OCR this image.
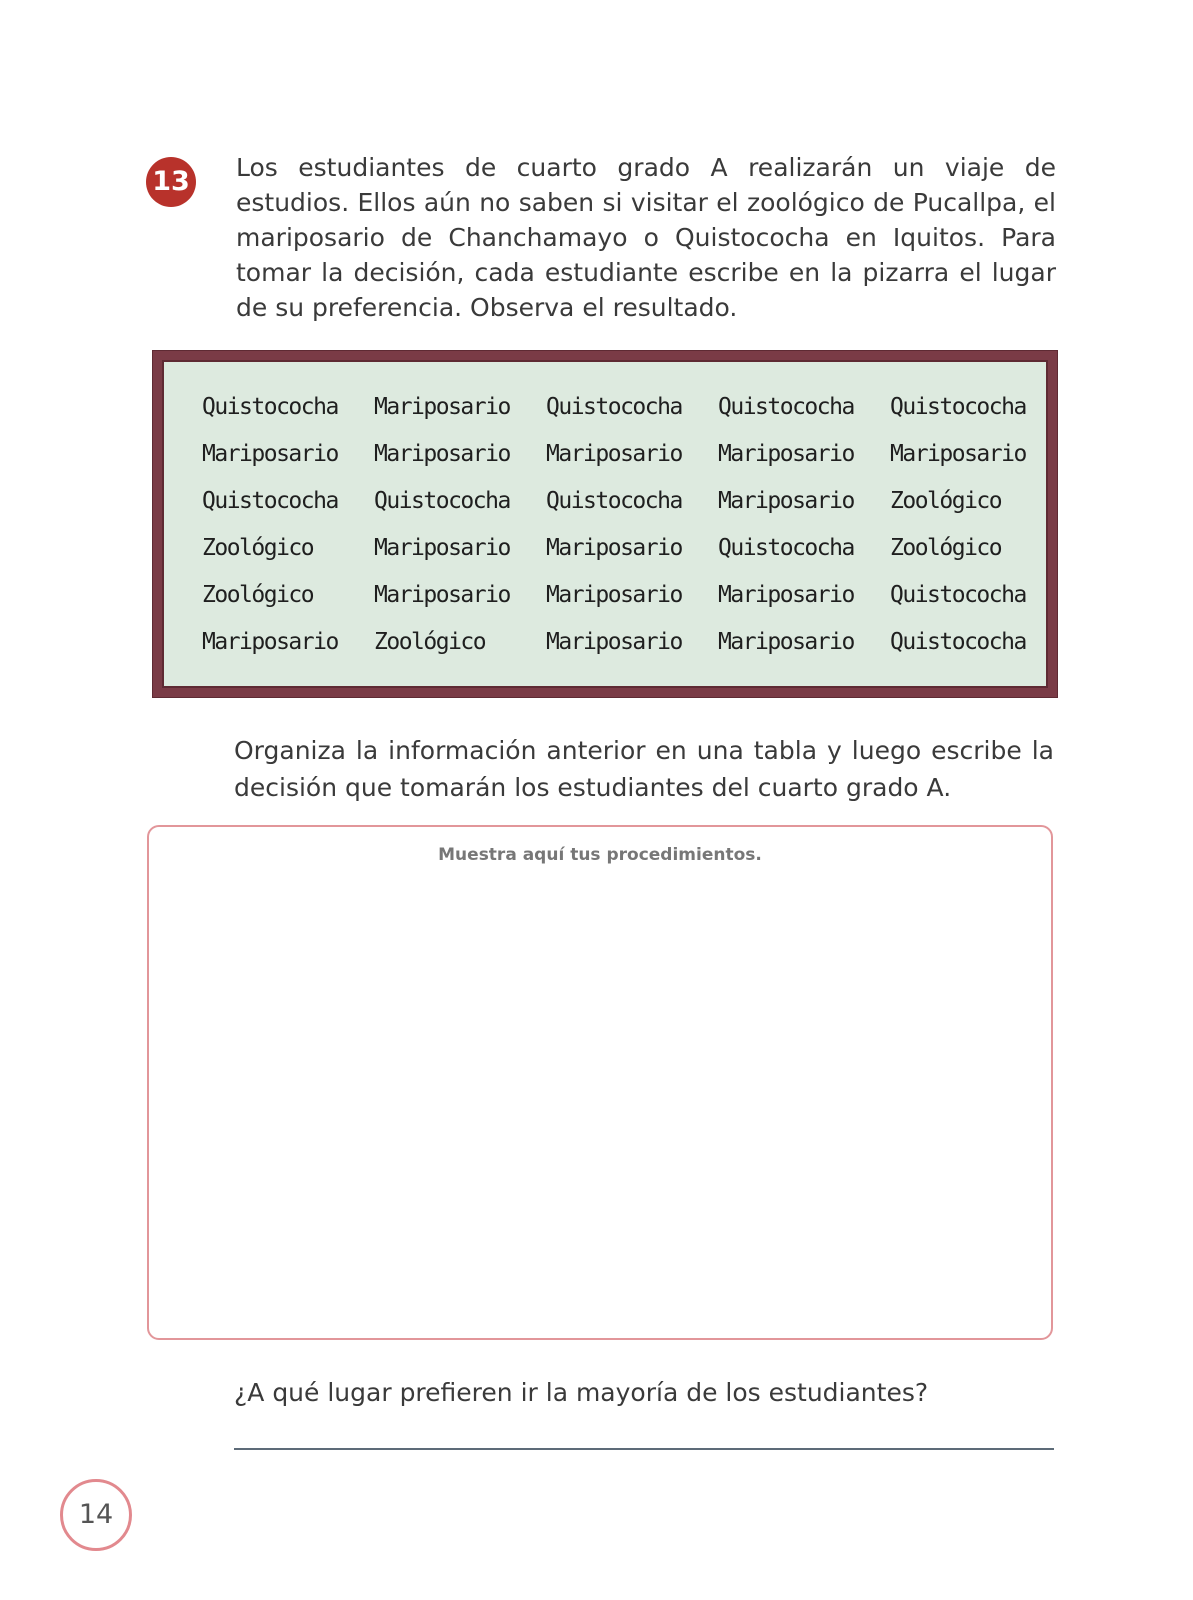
13 Los estudiantes de cuarto grado A realizarán un viaje de estudios. Ellos aún no saben si visitar el zoológico de Pucallpa, el mariposario de Chanchamayo o Quistococha en Iquitos. Para tomar la decisión, cada estudiante escribe en la pizarra el lugar de su preferencia. Observa el resultado.

Quistococha	Mariposario	Quistococha	Quistococha	Quistococha
Mariposario	Mariposario	Mariposario	Mariposario	Mariposario
Quistococha	Quistococha	Quistococha	Mariposario	Zoológico
Zoológico	Mariposario	Mariposario	Quistococha	Zoológico
Zoológico	Mariposario	Mariposario	Mariposario	Quistococha
Mariposario	Zoológico	Mariposario	Mariposario	Quistococha

Organiza la información anterior en una tabla y luego escribe la decisión que tomarán los estudiantes del cuarto grado A.

Muestra aquí tus procedimientos.

¿A qué lugar prefieren ir la mayoría de los estudiantes?

14
